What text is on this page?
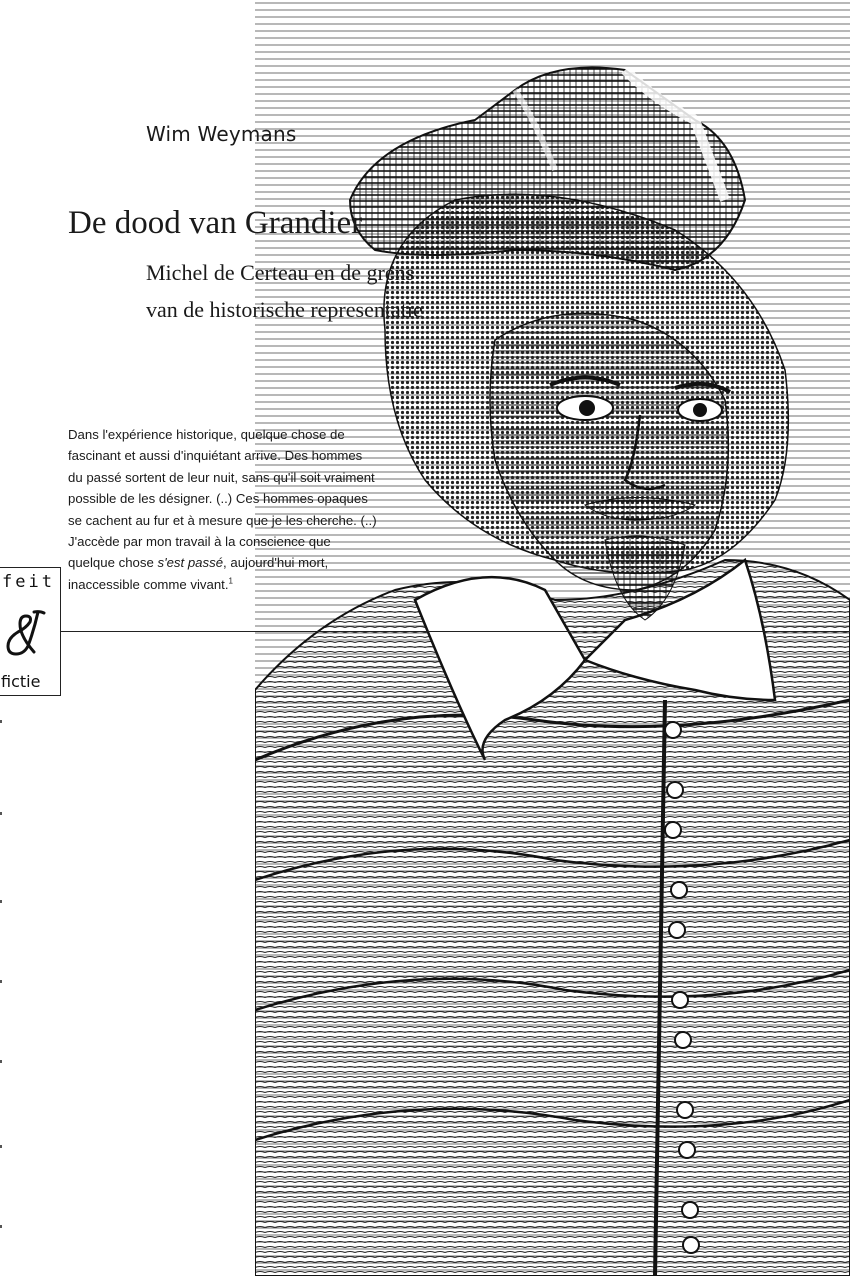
Wim Weymans
De dood van Grandier
Michel de Certeau en de grens
van de historische representatie
Dans l'expérience historique, quelque chose de fascinant et aussi d'inquiétant arrive. Des hommes du passé sortent de leur nuit, sans qu'il soit vraiment possible de les désigner. (..) Ces hommes opaques se cachent au fur et à mesure que je les cherche. (..) J'accède par mon travail à la conscience que quelque chose s'est passé, aujourd'hui mort, inaccessible comme vivant.$^1$
feit
fictie
